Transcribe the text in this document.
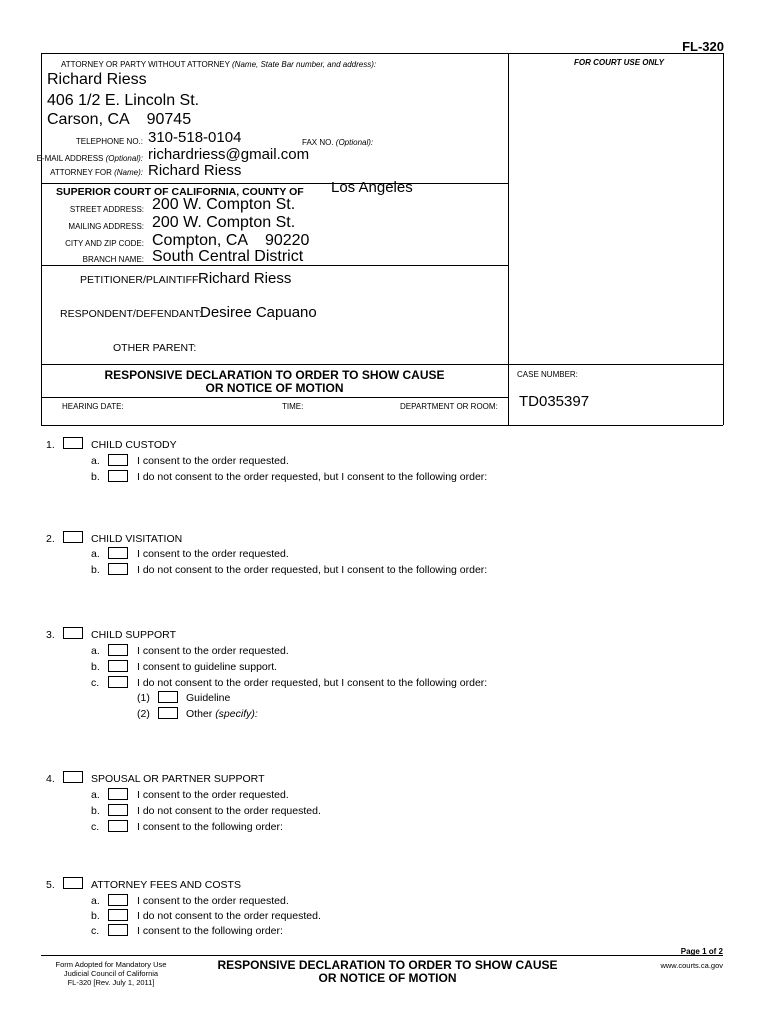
FL-320
ATTORNEY OR PARTY WITHOUT ATTORNEY (Name, State Bar number, and address):	FOR COURT USE ONLY
Richard Riess
406 1/2 E. Lincoln St.
Carson, CA    90745
TELEPHONE NO.: 310-518-0104	FAX NO. (Optional):
E-MAIL ADDRESS (Optional): richardriess@gmail.com
ATTORNEY FOR (Name): Richard Riess
SUPERIOR COURT OF CALIFORNIA, COUNTY OF Los Angeles
STREET ADDRESS: 200 W. Compton St.
MAILING ADDRESS: 200 W. Compton St.
CITY AND ZIP CODE: Compton, CA    90220
BRANCH NAME: South Central District
PETITIONER/PLAINTIFF:
Richard Riess
RESPONDENT/DEFENDANT:
Desiree Capuano
OTHER PARENT:
RESPONSIVE DECLARATION TO ORDER TO SHOW CAUSE
OR NOTICE OF MOTION
CASE NUMBER:
TD035397
HEARING DATE:	TIME:	DEPARTMENT OR ROOM:
1.	CHILD CUSTODY
a.	I consent to the order requested.
b.	I do not consent to the order requested, but I consent to the following order:
2.	CHILD VISITATION
a.	I consent to the order requested.
b.	I do not consent to the order requested, but I consent to the following order:
3.	CHILD SUPPORT
a.	I consent to the order requested.
b.	I consent to guideline support.
c.	I do not consent to the order requested, but I consent to the following order:
(1)	Guideline
(2)	Other (specify):
4.	SPOUSAL OR PARTNER SUPPORT
a.	I consent to the order requested.
b.	I do not consent to the order requested.
c.	I consent to the following order:
5.	ATTORNEY FEES AND COSTS
a.	I consent to the order requested.
b.	I do not consent to the order requested.
c.	I consent to the following order:
Page 1 of 2
Form Adopted for Mandatory Use
Judicial Council of California
FL-320 [Rev. July 1, 2011]
RESPONSIVE DECLARATION TO ORDER TO SHOW CAUSE
OR NOTICE OF MOTION
www.courts.ca.gov
